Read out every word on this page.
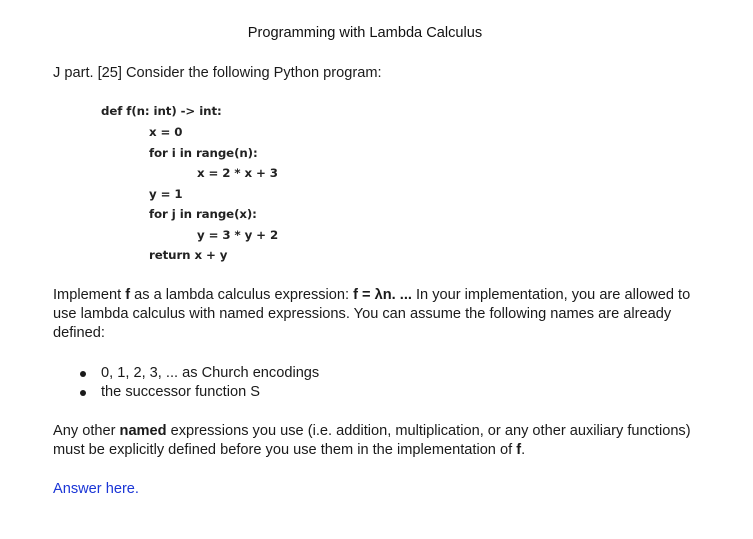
Programming with Lambda Calculus
J part. [25] Consider the following Python program:
def f(n: int) -> int:
x = 0
for i in range(n):
x = 2 * x + 3
y = 1
for j in range(x):
y = 3 * y + 2
return x + y
Implement f as a lambda calculus expression: f = λn. ... In your implementation, you are allowed to use lambda calculus with named expressions. You can assume the following names are already defined:
0, 1, 2, 3, ... as Church encodings
the successor function S
Any other named expressions you use (i.e. addition, multiplication, or any other auxiliary functions) must be explicitly defined before you use them in the implementation of f.
Answer here.
